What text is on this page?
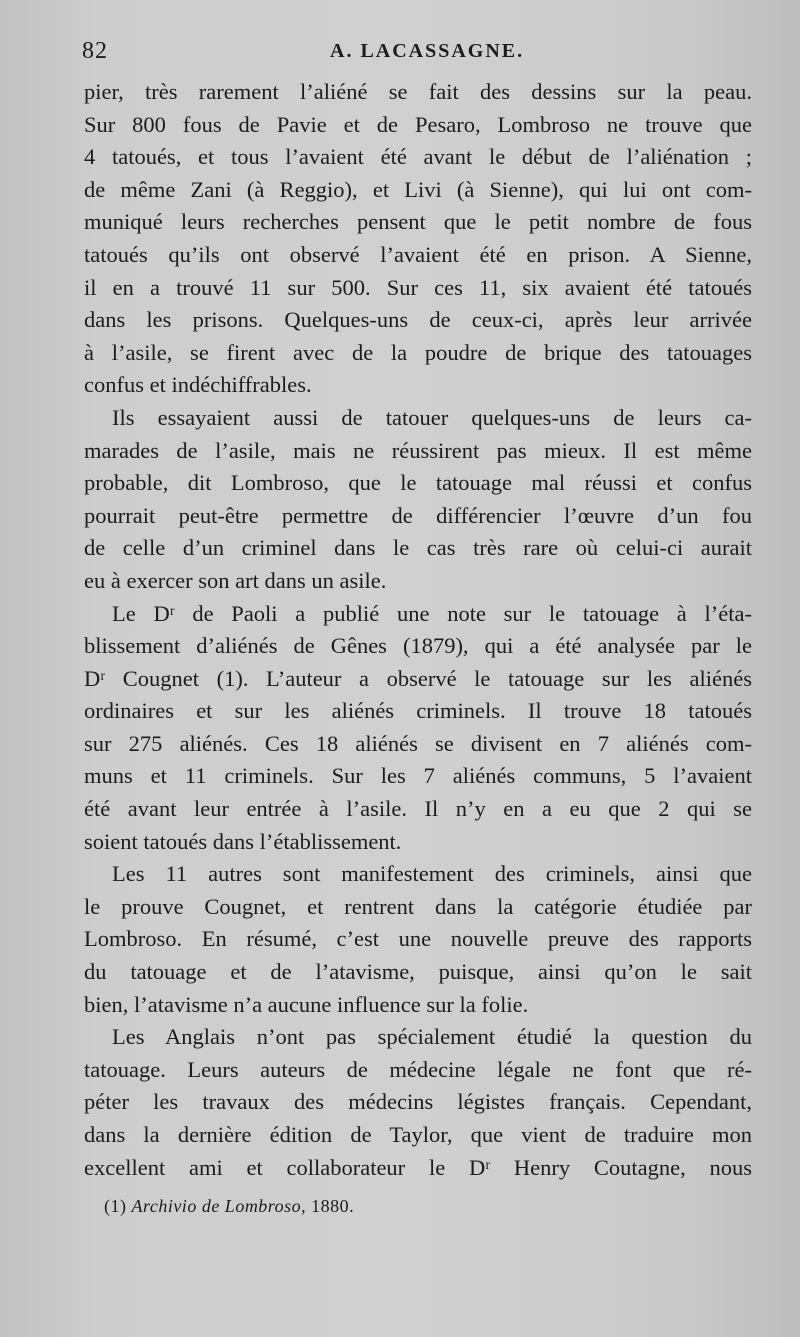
82	A. LACASSAGNE.
pier, très rarement l’aliéné se fait des dessins sur la peau.
Sur 800 fous de Pavie et de Pesaro, Lombroso ne trouve que
4 tatoués, et tous l’avaient été avant le début de l’aliénation ;
de même Zani (à Reggio), et Livi (à Sienne), qui lui ont com-
muniqué leurs recherches pensent que le petit nombre de fous
tatoués qu’ils ont observé l’avaient été en prison. A Sienne,
il en a trouvé 11 sur 500. Sur ces 11, six avaient été tatoués
dans les prisons. Quelques-uns de ceux-ci, après leur arrivée
à l’asile, se firent avec de la poudre de brique des tatouages
confus et indéchiffrables.
Ils essayaient aussi de tatouer quelques-uns de leurs ca-
marades de l’asile, mais ne réussirent pas mieux. Il est même
probable, dit Lombroso, que le tatouage mal réussi et confus
pourrait peut-être permettre de différencier l’œuvre d’un fou
de celle d’un criminel dans le cas très rare où celui-ci aurait
eu à exercer son art dans un asile.
Le Dʳ de Paoli a publié une note sur le tatouage à l’éta-
blissement d’aliénés de Gênes (1879), qui a été analysée par le
Dʳ Cougnet (1). L’auteur a observé le tatouage sur les aliénés
ordinaires et sur les aliénés criminels. Il trouve 18 tatoués
sur 275 aliénés. Ces 18 aliénés se divisent en 7 aliénés com-
muns et 11 criminels. Sur les 7 aliénés communs, 5 l’avaient
été avant leur entrée à l’asile. Il n’y en a eu que 2 qui se
soient tatoués dans l’établissement.
Les 11 autres sont manifestement des criminels, ainsi que
le prouve Cougnet, et rentrent dans la catégorie étudiée par
Lombroso. En résumé, c’est une nouvelle preuve des rapports
du tatouage et de l’atavisme, puisque, ainsi qu’on le sait
bien, l’atavisme n’a aucune influence sur la folie.
Les Anglais n’ont pas spécialement étudié la question du
tatouage. Leurs auteurs de médecine légale ne font que ré-
péter les travaux des médecins légistes français. Cependant,
dans la dernière édition de Taylor, que vient de traduire mon
excellent ami et collaborateur le Dʳ Henry Coutagne, nous
(1) Archivio de Lombroso, 1880.
